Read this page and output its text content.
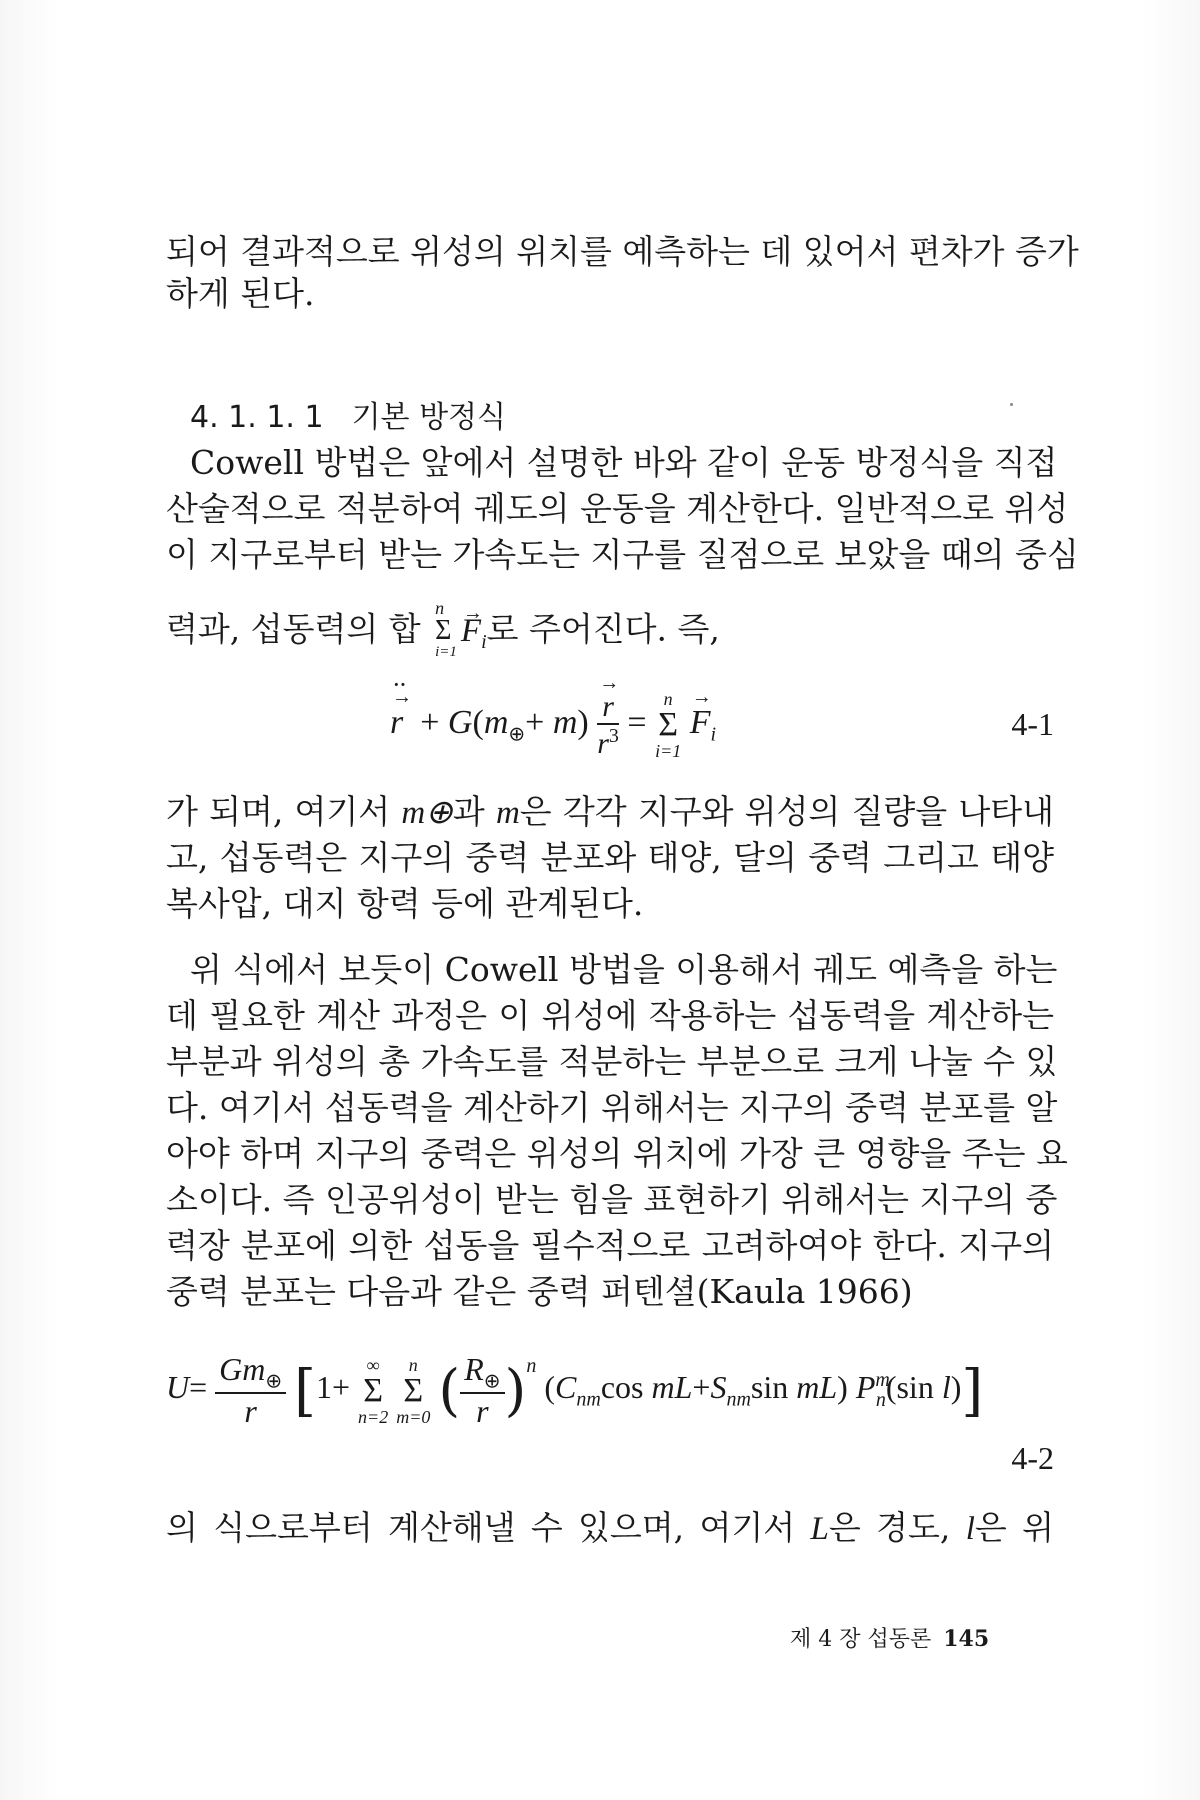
되어 결과적으로 위성의 위치를 예측하는 데 있어서 편차가 증가
하게 된다.
4. 1. 1. 1 기본 방정식
Cowell 방법은 앞에서 설명한 바와 같이 운동 방정식을 직접
산술적으로 적분하여 궤도의 운동을 계산한다. 일반적으로 위성
이 지구로부터 받는 가속도는 지구를 질점으로 보았을 때의 중심
력과, 섭동력의 합
n
Σ
i=1
→ $F_i$로 주어진다. 즉,
→ r ··  + $G(m_\oplus+ m)$
→ $\frac{r}{r^3}$ =
n
Σ
i=1
→ $F_i$	4-1
가 되며, 여기서 m⊕과 m은 각각 지구와 위성의 질량을 나타내
고, 섭동력은 지구의 중력 분포와 태양, 달의 중력 그리고 태양
복사압, 대지 항력 등에 관계된다.
위 식에서 보듯이 Cowell 방법을 이용해서 궤도 예측을 하는
데 필요한 계산 과정은 이 위성에 작용하는 섭동력을 계산하는
부분과 위성의 총 가속도를 적분하는 부분으로 크게 나눌 수 있
다. 여기서 섭동력을 계산하기 위해서는 지구의 중력 분포를 알
아야 하며 지구의 중력은 위성의 위치에 가장 큰 영향을 주는 요
소이다. 즉 인공위성이 받는 힘을 표현하기 위해서는 지구의 중
력장 분포에 의한 섭동을 필수적으로 고려하여야 한다. 지구의
중력 분포는 다음과 같은 중력 퍼텐셜(Kaula 1966)
$U= \frac{Gm_\oplus}{r} [1+$
∞
Σ
n=2

n
Σ
m=0 ( $\frac{R_\oplus}{r} )^n$ ($C_{nm}\cos$ $mL+S_{nm}\sin$ mL) $P^m_n(\sin$ l)]
4-2
의 식으로부터 계산해낼 수 있으며, 여기서 L은 경도, l은 위
제 4 장 섭동론 145
